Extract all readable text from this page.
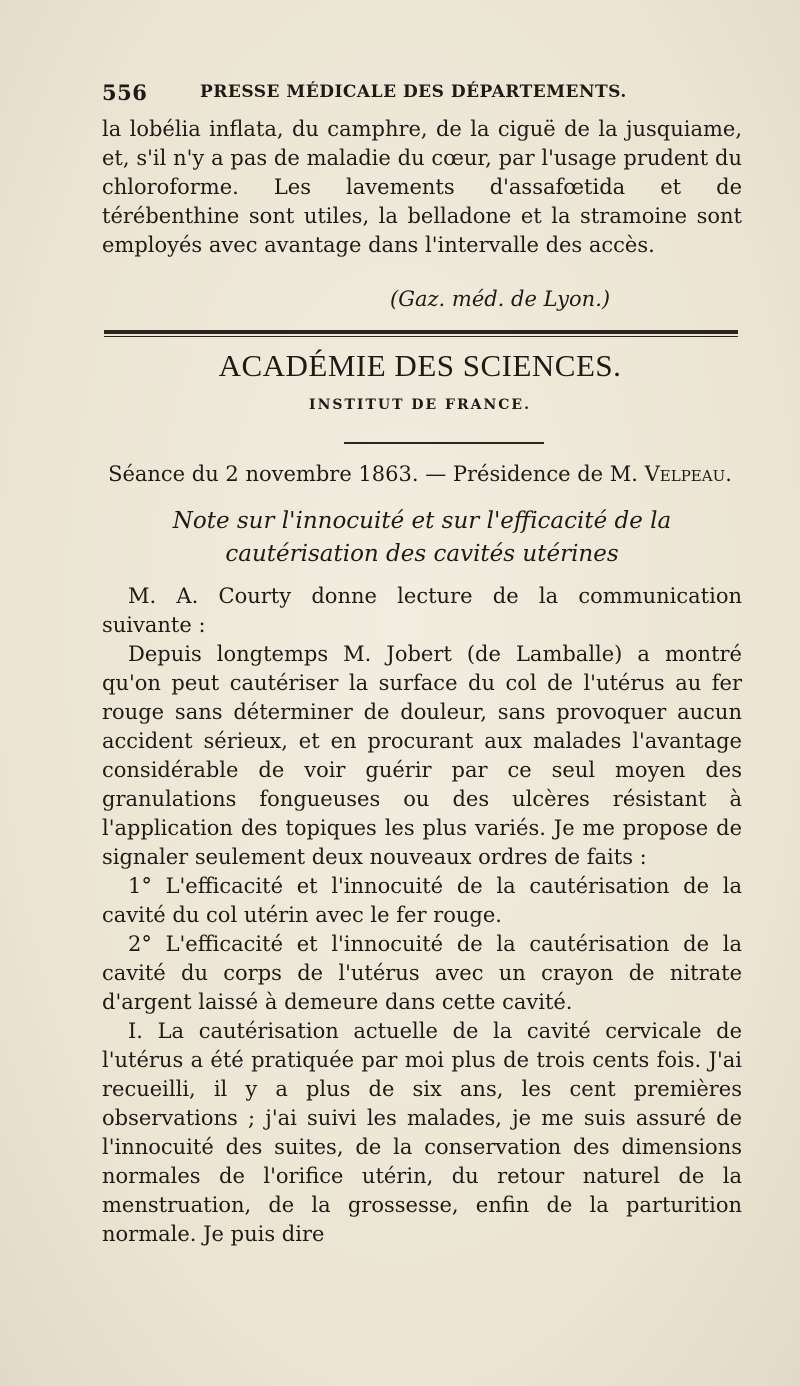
556	PRESSE MÉDICALE DES DÉPARTEMENTS.

la lobélia inflata, du camphre, de la ciguë de la jusquiame, et, s'il n'y a pas de maladie du cœur, par l'usage prudent du chloroforme. Les lavements d'assafœtida et de térébenthine sont utiles, la belladone et la stramoine sont employés avec avantage dans l'intervalle des accès.

(Gaz. méd. de Lyon.)
ACADÉMIE DES SCIENCES.
INSTITUT DE FRANCE.
Séance du 2 novembre 1863. — Présidence de M. Velpeau.
Note sur l'innocuité et sur l'efficacité de la cautérisation des cavités utérines

M. A. Courty donne lecture de la communication suivante :

Depuis longtemps M. Jobert (de Lamballe) a montré qu'on peut cautériser la surface du col de l'utérus au fer rouge sans déterminer de douleur, sans provoquer aucun accident sérieux, et en procurant aux malades l'avantage considérable de voir guérir par ce seul moyen des granulations fongueuses ou des ulcères résistant à l'application des topiques les plus variés. Je me propose de signaler seulement deux nouveaux ordres de faits :

1° L'efficacité et l'innocuité de la cautérisation de la cavité du col utérin avec le fer rouge.

2° L'efficacité et l'innocuité de la cautérisation de la cavité du corps de l'utérus avec un crayon de nitrate d'argent laissé à demeure dans cette cavité.

I. La cautérisation actuelle de la cavité cervicale de l'utérus a été pratiquée par moi plus de trois cents fois. J'ai recueilli, il y a plus de six ans, les cent premières observations ; j'ai suivi les malades, je me suis assuré de l'innocuité des suites, de la conservation des dimensions normales de l'orifice utérin, du retour naturel de la menstruation, de la grossesse, enfin de la parturition normale. Je puis dire
